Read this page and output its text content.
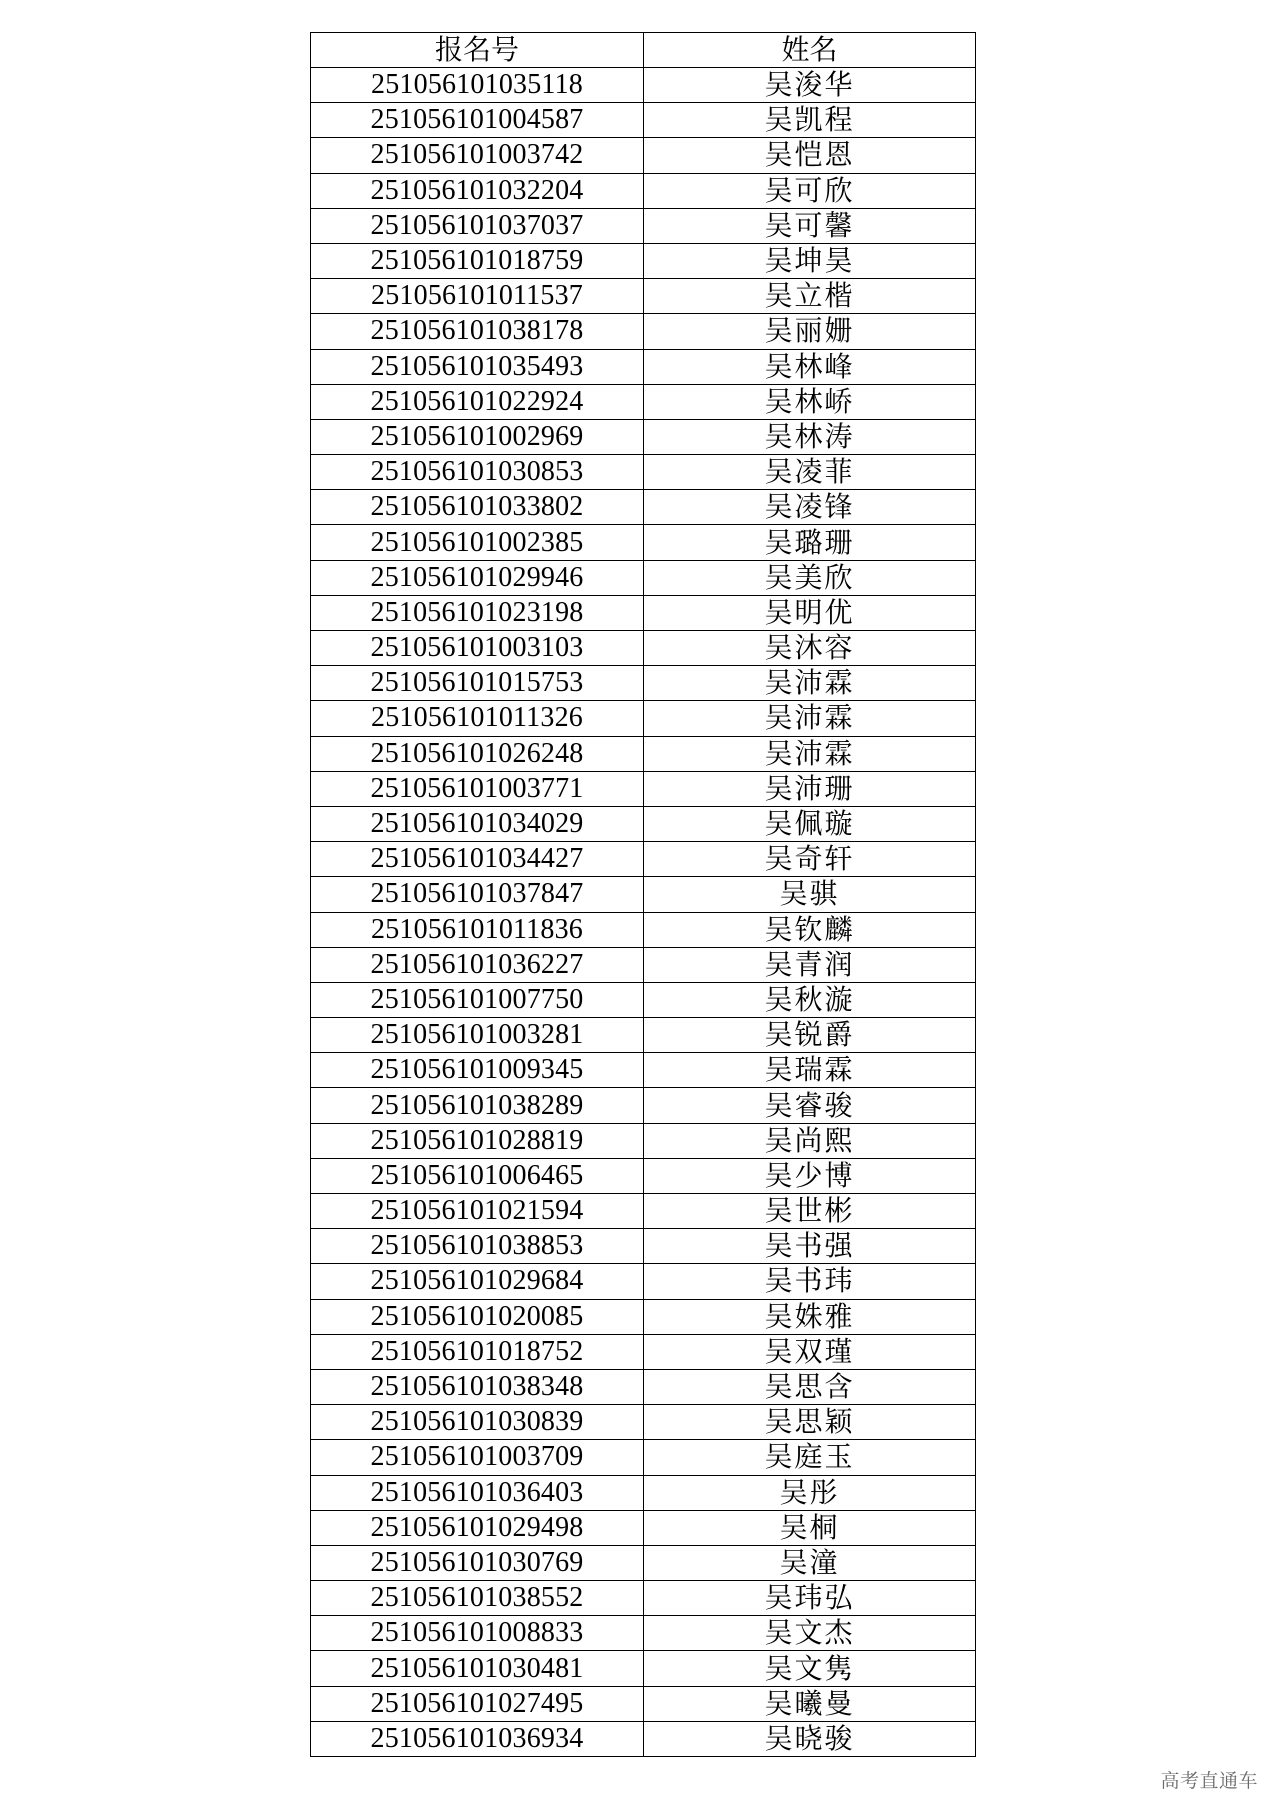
报名号	姓名
251056101035118	吴浚华
251056101004587	吴凯程
251056101003742	吴恺恩
251056101032204	吴可欣
251056101037037	吴可馨
251056101018759	吴坤昊
251056101011537	吴立楷
251056101038178	吴丽姗
251056101035493	吴林峰
251056101022924	吴林峤
251056101002969	吴林涛
251056101030853	吴凌菲
251056101033802	吴凌锋
251056101002385	吴璐珊
251056101029946	吴美欣
251056101023198	吴明优
251056101003103	吴沐容
251056101015753	吴沛霖
251056101011326	吴沛霖
251056101026248	吴沛霖
251056101003771	吴沛珊
251056101034029	吴佩璇
251056101034427	吴奇轩
251056101037847	吴骐
251056101011836	吴钦麟
251056101036227	吴青润
251056101007750	吴秋漩
251056101003281	吴锐爵
251056101009345	吴瑞霖
251056101038289	吴睿骏
251056101028819	吴尚熙
251056101006465	吴少博
251056101021594	吴世彬
251056101038853	吴书强
251056101029684	吴书玮
251056101020085	吴姝雅
251056101018752	吴双瑾
251056101038348	吴思含
251056101030839	吴思颖
251056101003709	吴庭玉
251056101036403	吴彤
251056101029498	吴桐
251056101030769	吴潼
251056101038552	吴玮弘
251056101008833	吴文杰
251056101030481	吴文隽
251056101027495	吴曦曼
251056101036934	吴晓骏
高考直通车
